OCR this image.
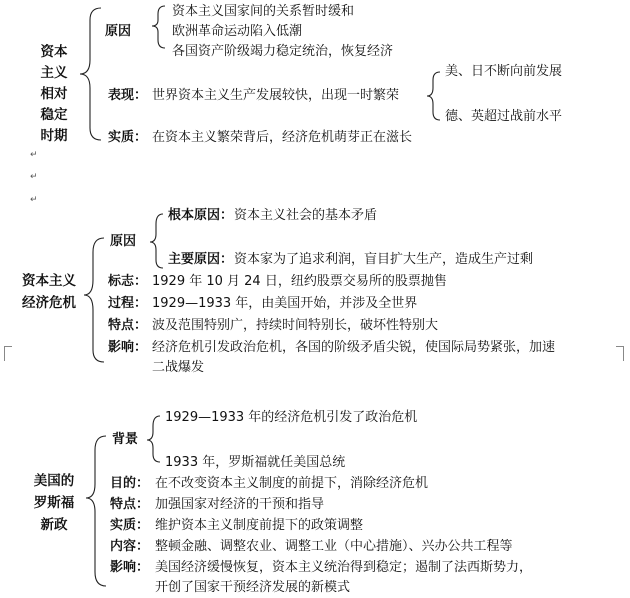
资本
主义
相对
稳定
时期
原因
资本主义国家间的关系暂时缓和
欧洲革命运动陷入低潮
各国资产阶级竭力稳定统治，恢复经济
表现： 世界资本主义生产发展较快，出现一时繁荣
美、日不断向前发展
德、英超过战前水平
实质： 在资本主义繁荣背后，经济危机萌芽正在滋长
↵
↵
↵
资本主义
经济危机
原因
根本原因： 资本主义社会的基本矛盾
主要原因： 资本家为了追求利润，盲目扩大生产，造成生产过剩
标志： 1929 年 10 月 24 日，纽约股票交易所的股票抛售
过程： 1929—1933 年，由美国开始，并涉及全世界
特点： 波及范围特别广，持续时间特别长，破坏性特别大
影响： 经济危机引发政治危机，各国的阶级矛盾尖锐，使国际局势紧张，加速
二战爆发
美国的
罗斯福
新政
背景
1929—1933 年的经济危机引发了政治危机
1933 年，罗斯福就任美国总统
目的： 在不改变资本主义制度的前提下，消除经济危机
特点： 加强国家对经济的干预和指导
实质： 维护资本主义制度前提下的政策调整
内容： 整顿金融、调整农业、调整工业（中心措施）、兴办公共工程等
影响： 美国经济缓慢恢复，资本主义统治得到稳定；遏制了法西斯势力，
开创了国家干预经济发展的新模式
